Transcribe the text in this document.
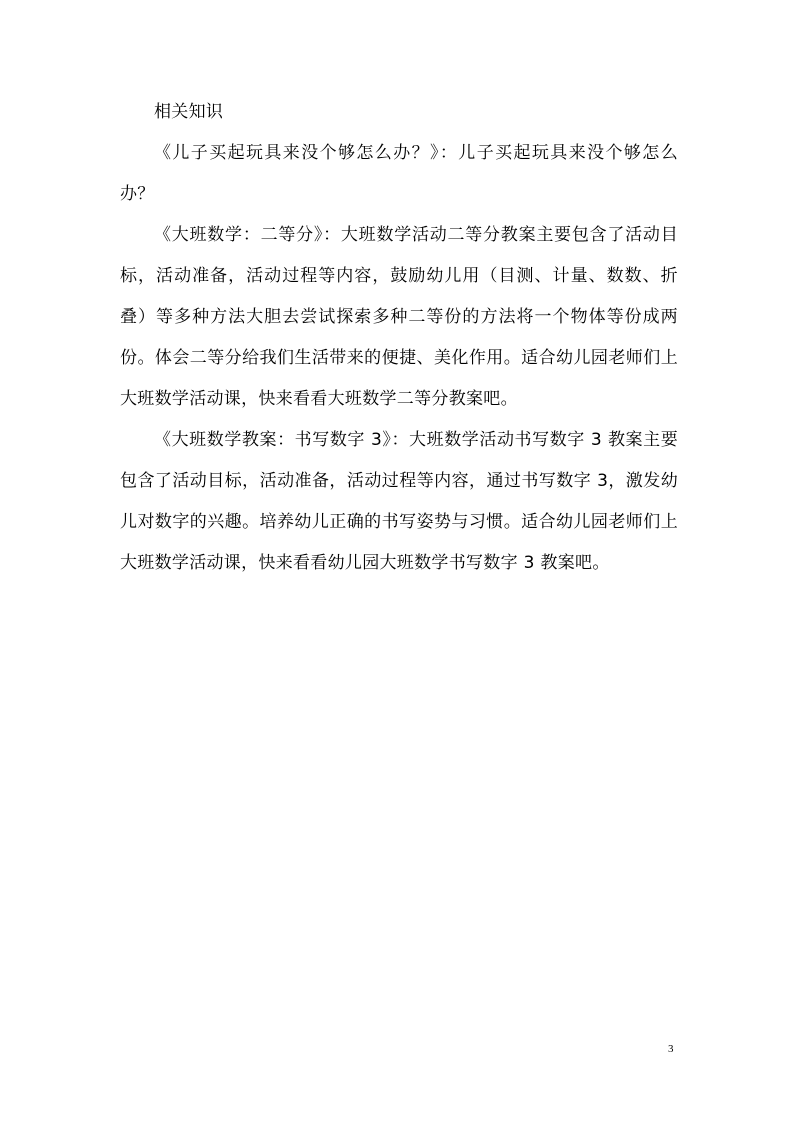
相关知识

《儿子买起玩具来没个够怎么办？》：儿子买起玩具来没个够怎么办？

《大班数学：二等分》：大班数学活动二等分教案主要包含了活动目标，活动准备，活动过程等内容，鼓励幼儿用（目测、计量、数数、折叠）等多种方法大胆去尝试探索多种二等份的方法将一个物体等份成两份。体会二等分给我们生活带来的便捷、美化作用。适合幼儿园老师们上大班数学活动课，快来看看大班数学二等分教案吧。

《大班数学教案：书写数字 3》：大班数学活动书写数字 3 教案主要包含了活动目标，活动准备，活动过程等内容，通过书写数字 3，激发幼儿对数字的兴趣。培养幼儿正确的书写姿势与习惯。适合幼儿园老师们上大班数学活动课，快来看看幼儿园大班数学书写数字 3 教案吧。

3
